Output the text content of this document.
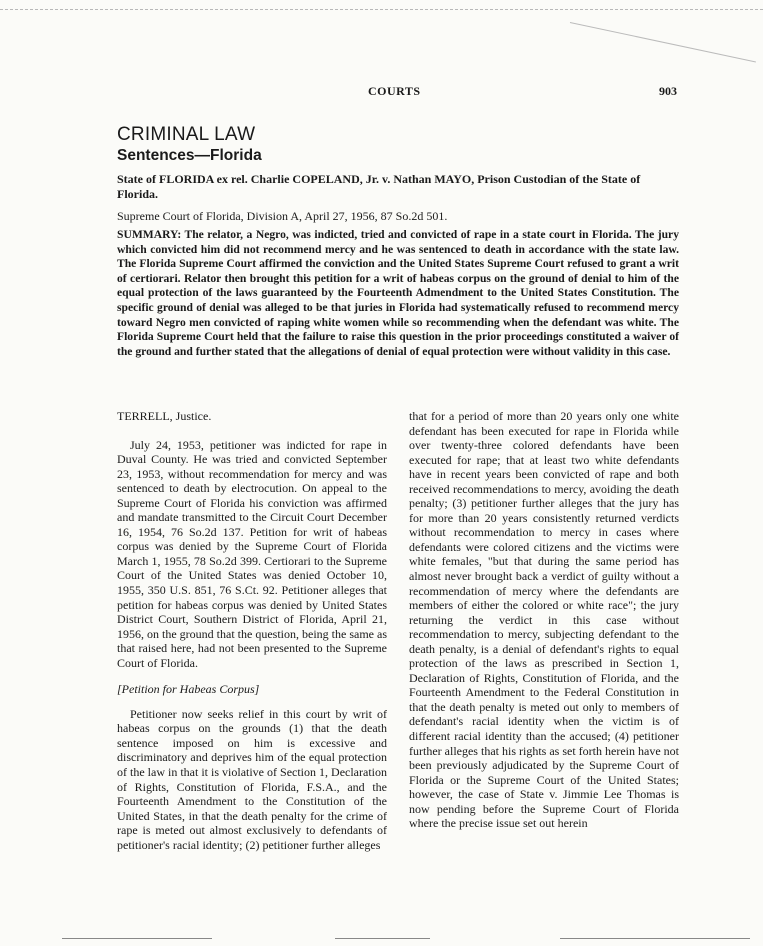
COURTS	903
CRIMINAL LAW
Sentences—Florida
State of FLORIDA ex rel. Charlie COPELAND, Jr. v. Nathan MAYO, Prison Custodian of the State of Florida.
Supreme Court of Florida, Division A, April 27, 1956, 87 So.2d 501.
SUMMARY: The relator, a Negro, was indicted, tried and convicted of rape in a state court in Florida. The jury which convicted him did not recommend mercy and he was sentenced to death in accordance with the state law. The Florida Supreme Court affirmed the conviction and the United States Supreme Court refused to grant a writ of certiorari. Relator then brought this petition for a writ of habeas corpus on the ground of denial to him of the equal protection of the laws guaranteed by the Fourteenth Admendment to the United States Constitution. The specific ground of denial was alleged to be that juries in Florida had systematically refused to recommend mercy toward Negro men convicted of raping white women while so recommending when the defendant was white. The Florida Supreme Court held that the failure to raise this question in the prior proceedings constituted a waiver of the ground and further stated that the allegations of denial of equal protection were without validity in this case.

TERRELL, Justice.

July 24, 1953, petitioner was indicted for rape in Duval County. He was tried and convicted September 23, 1953, without recommendation for mercy and was sentenced to death by electrocution. On appeal to the Supreme Court of Florida his conviction was affirmed and mandate transmitted to the Circuit Court December 16, 1954, 76 So.2d 137. Petition for writ of habeas corpus was denied by the Supreme Court of Florida March 1, 1955, 78 So.2d 399. Certiorari to the Supreme Court of the United States was denied October 10, 1955, 350 U.S. 851, 76 S.Ct. 92. Petitioner alleges that petition for habeas corpus was denied by United States District Court, Southern District of Florida, April 21, 1956, on the ground that the question, being the same as that raised here, had not been presented to the Supreme Court of Florida.

[Petition for Habeas Corpus]

Petitioner now seeks relief in this court by writ of habeas corpus on the grounds (1) that the death sentence imposed on him is excessive and discriminatory and deprives him of the equal protection of the law in that it is violative of Section 1, Declaration of Rights, Constitution of Florida, F.S.A., and the Fourteenth Amendment to the Constitution of the United States, in that the death penalty for the crime of rape is meted out almost exclusively to defendants of petitioner's racial identity; (2) petitioner further alleges

that for a period of more than 20 years only one white defendant has been executed for rape in Florida while over twenty-three colored defendants have been executed for rape; that at least two white defendants have in recent years been convicted of rape and both received recommendations to mercy, avoiding the death penalty; (3) petitioner further alleges that the jury has for more than 20 years consistently returned verdicts without recommendation to mercy in cases where defendants were colored citizens and the victims were white females, "but that during the same period has almost never brought back a verdict of guilty without a recommendation of mercy where the defendants are members of either the colored or white race"; the jury returning the verdict in this case without recommendation to mercy, subjecting defendant to the death penalty, is a denial of defendant's rights to equal protection of the laws as prescribed in Section 1, Declaration of Rights, Constitution of Florida, and the Fourteenth Amendment to the Federal Constitution in that the death penalty is meted out only to members of defendant's racial identity when the victim is of different racial identity than the accused; (4) petitioner further alleges that his rights as set forth herein have not been previously adjudicated by the Supreme Court of Florida or the Supreme Court of the United States; however, the case of State v. Jimmie Lee Thomas is now pending before the Supreme Court of Florida where the precise issue set out herein
